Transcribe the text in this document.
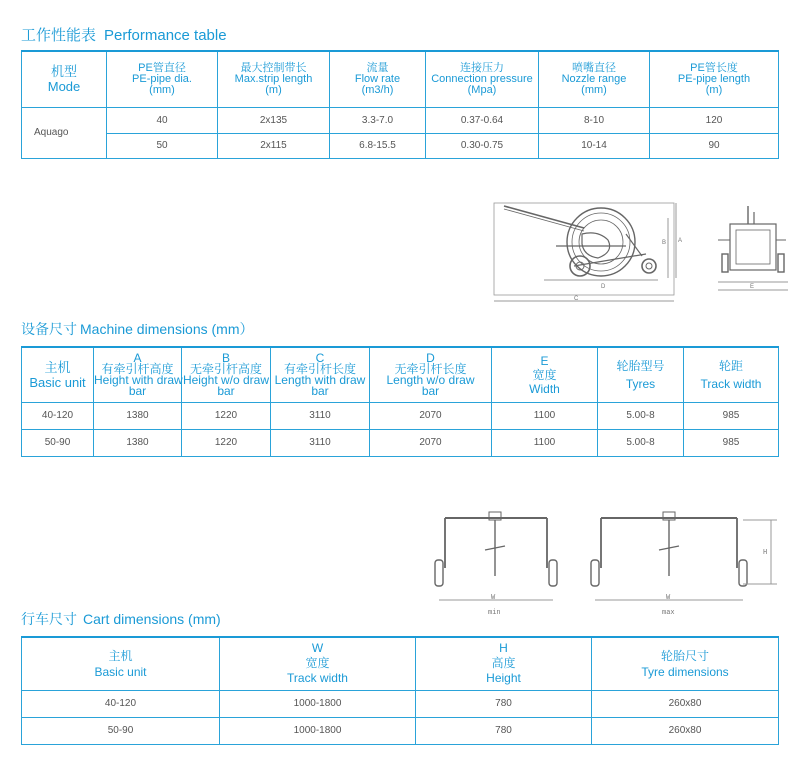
工作性能表 Performance table
机型
Mode	PE管直径
PE-pipe dia.
(mm)	最大控制带长
Max.strip length
(m)	流量
Flow rate
(m3/h)	连接压力
Connection pressure
(Mpa)	喷嘴直径
Nozzle range
(mm)	PE管长度
PE-pipe length
(m)

Aquago	40	2x135	3.3-7.0	0.37-0.64	8-10	120
	50	2x115	6.8-15.5	0.30-0.75	10-14	90
B A
D
C
E
设备尺寸 Machine dimensions (mm）
主机
Basic unit	A
有牵引杆高度
Height with draw
bar	B
无牵引杆高度
Height w/o draw
bar	C
有牵引杆长度
Length with draw
bar	D
无牵引杆长度
Length w/o draw
bar	E
宽度
Width	轮胎型号
Tyres	轮距
Track width

40-120	1380	1220	3110	2070	1100	5.00-8	985
50-90	1380	1220	3110	2070	1100	5.00-8	985
W
min
W
max
H
行车尺寸 Cart dimensions (mm)
主机
Basic unit	W
宽度
Track width	H
高度
Height	轮胎尺寸
Tyre dimensions

40-120	1000-1800	780	260x80
50-90	1000-1800	780	260x80
